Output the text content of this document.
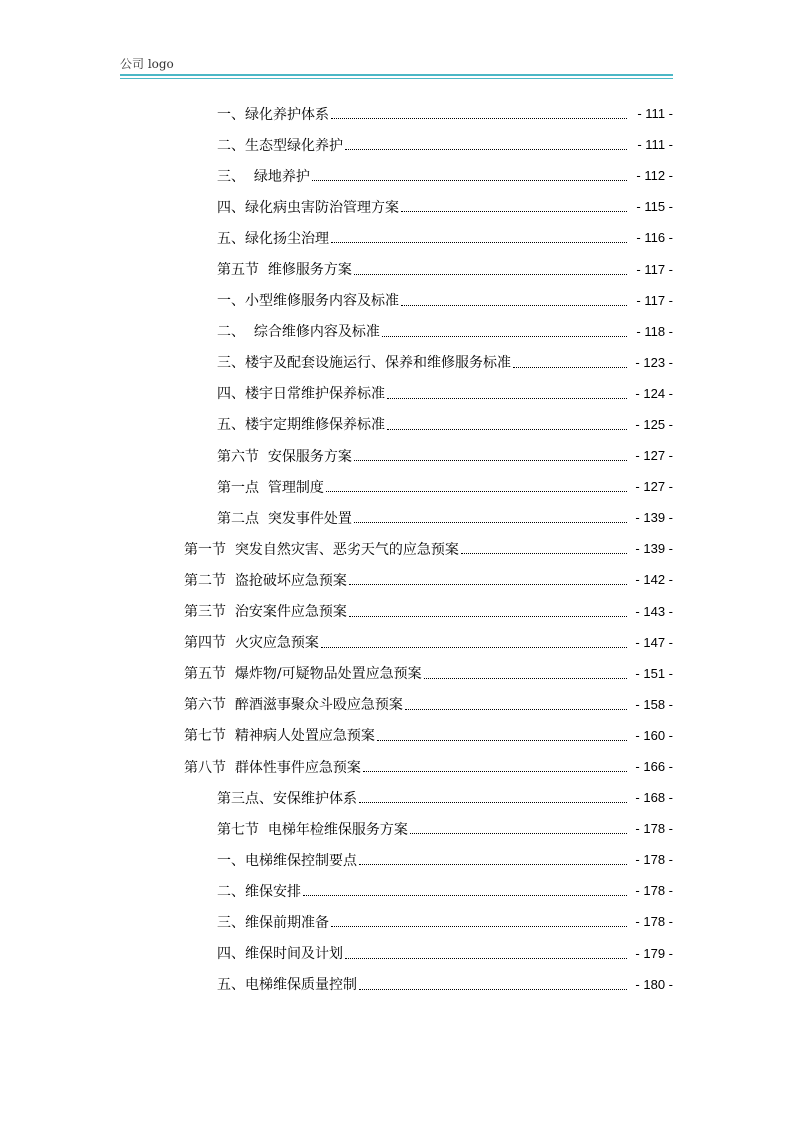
公司 logo
一、绿化养护体系	- 111 -
二、生态型绿化养护	- 111 -
三、  绿地养护	- 112 -
四、绿化病虫害防治管理方案	- 115 -
五、绿化扬尘治理	- 116 -
第五节  维修服务方案	- 117 -
一、小型维修服务内容及标准	- 117 -
二、  综合维修内容及标准	- 118 -
三、楼宇及配套设施运行、保养和维修服务标准	- 123 -
四、楼宇日常维护保养标准	- 124 -
五、楼宇定期维修保养标准	- 125 -
第六节  安保服务方案	- 127 -
第一点  管理制度	- 127 -
第二点  突发事件处置	- 139 -
第一节  突发自然灾害、恶劣天气的应急预案	- 139 -
第二节  盗抢破坏应急预案	- 142 -
第三节  治安案件应急预案	- 143 -
第四节  火灾应急预案	- 147 -
第五节  爆炸物/可疑物品处置应急预案	- 151 -
第六节  醉酒滋事聚众斗殴应急预案	- 158 -
第七节  精神病人处置应急预案	- 160 -
第八节  群体性事件应急预案	- 166 -
第三点、安保维护体系	- 168 -
第七节  电梯年检维保服务方案	- 178 -
一、电梯维保控制要点	- 178 -
二、维保安排	- 178 -
三、维保前期准备	- 178 -
四、维保时间及计划	- 179 -
五、电梯维保质量控制	- 180 -
